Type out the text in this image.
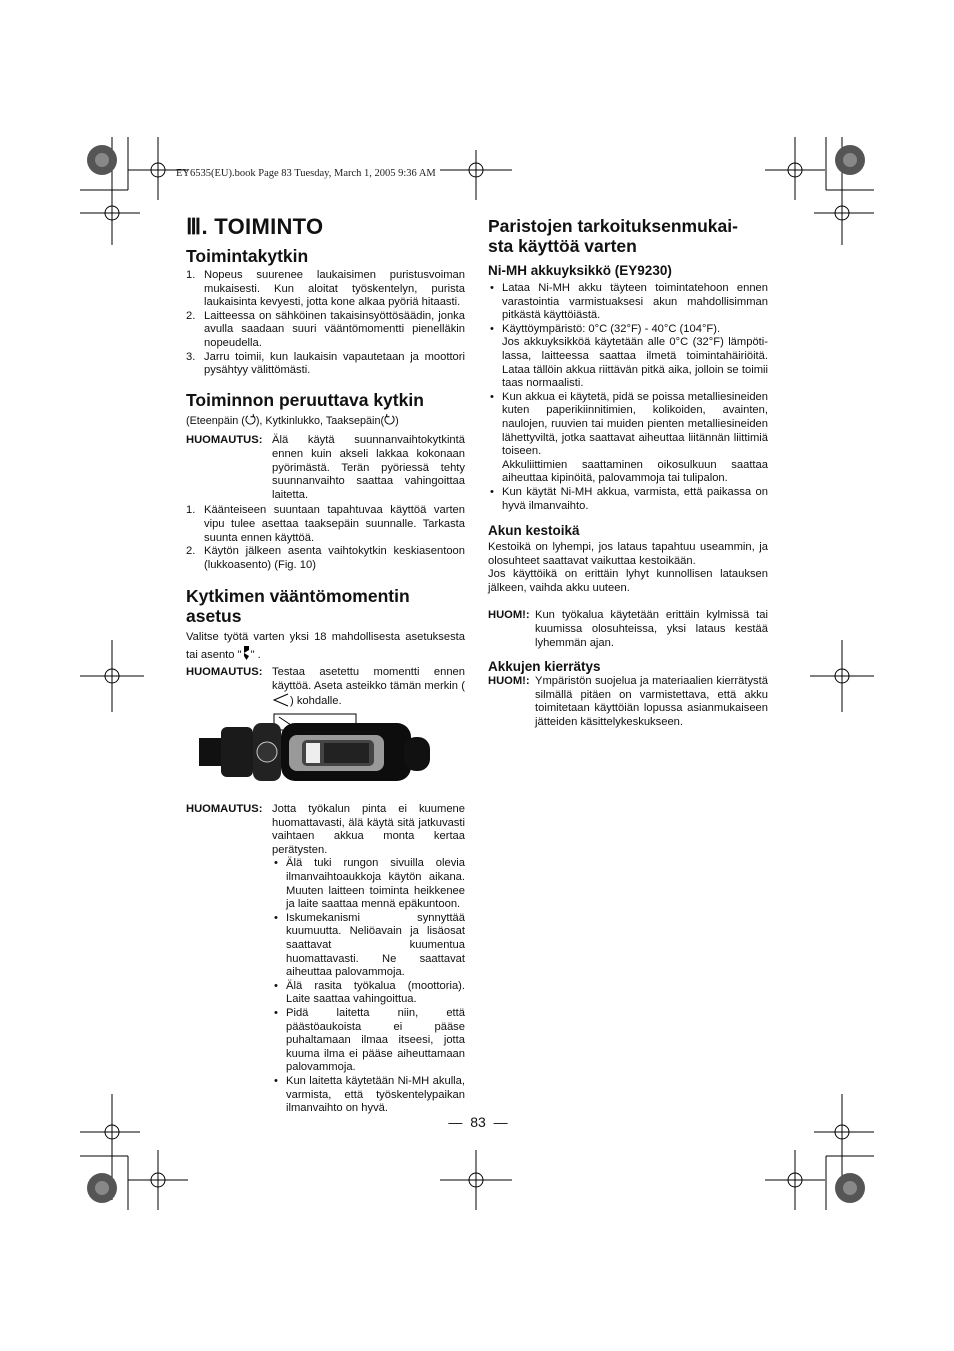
EY6535(EU).book Page 83 Tuesday, March 1, 2005 9:36 AM
Ⅲ. TOIMINTO
Toimintakytkin
1. Nopeus suurenee laukaisimen puristusvoiman mukaisesti. Kun aloitat työskentelyn, purista laukaisinta kevyesti, jotta kone alkaa pyöriä hitaasti.
2. Laitteessa on sähköinen takaisinsyöttösäädin, jonka avulla saadaan suuri vääntömomentti pienelläkin nopeudella.
3. Jarru toimii, kun laukaisin vapautetaan ja moottori pysähtyy välittömästi.
Toiminnon peruuttava kytkin

(Eteenpäin ( ), Kytkinlukko, Taaksepäin( )

HUOMAUTUS: Älä käytä suunnanvaihtokytkintä ennen kuin akseli lakkaa kokonaan pyörimästä. Terän pyöriessä tehty suunnanvaihto saattaa vahingoittaa laitetta.
1. Käänteiseen suuntaan tapahtuvaa käyttöä varten vipu tulee asettaa taaksepäin suunnalle. Tarkasta suunta ennen käyttöä.
2. Käytön jälkeen asenta vaihtokytkin keskiasentoon (lukkoasento) (Fig. 10)
Kytkimen vääntömomentin asetus

Valitse työtä varten yksi 18 mahdollisesta asetuksesta tai asento " " .

HUOMAUTUS: Testaa asetettu momentti ennen käyttöä. Aseta asteikko tämän merkin () kohdalle.
HUOMAUTUS: Jotta työkalun pinta ei kuumene huomattavasti, älä käytä sitä jatkuvasti vaihtaen akkua monta kertaa perätysten.
• Älä tuki rungon sivuilla olevia ilmanvaihtoaukkoja käytön aikana. Muuten laitteen toiminta heikkenee ja laite saattaa mennä epäkuntoon.
• Iskumekanismi synnyttää kuumuutta. Neliöavain ja lisäosat saattavat kuumentua huomattavasti. Ne saattavat aiheuttaa palovammoja.
• Älä rasita työkalua (moottoria). Laite saattaa vahingoittua.
• Pidä laitetta niin, että päästöaukoista ei pääse puhaltamaan ilmaa itseesi, jotta kuuma ilma ei pääse aiheuttamaan palovammoja.
• Kun laitetta käytetään Ni-MH akulla, varmista, että työskentelypaikan ilmanvaihto on hyvä.
Paristojen tarkoituksenmukai-
sta käyttöä varten
Ni-MH akkuyksikkö (EY9230)
• Lataa Ni-MH akku täyteen toimintatehoon ennen varastointia varmistuaksesi akun mahdollisimman pitkästä käyttöiästä.
• Käyttöympäristö: 0°C (32°F) - 40°C (104°F).
Jos akkuyksikköä käytetään alle 0°C (32°F) lämpöti-lassa, laitteessa saattaa ilmetä toimintahäiriöitä. Lataa tällöin akkua riittävän pitkä aika, jolloin se toimii taas normaalisti.
• Kun akkua ei käytetä, pidä se poissa metalliesineiden kuten paperikiinnitimien, kolikoiden, avainten, naulojen, ruuvien tai muiden pienten metalliesineiden lähettyviltä, jotka saattavat aiheuttaa liitännän liittimiä toiseen.
Akkuliittimien saattaminen oikosulkuun saattaa aiheuttaa kipinöitä, palovammoja tai tulipalon.
• Kun käytät Ni-MH akkua, varmista, että paikassa on hyvä ilmanvaihto.
Akun kestoikä

Kestoikä on lyhempi, jos lataus tapahtuu useammin, ja olosuhteet saattavat vaikuttaa kestoikään.

Jos käyttöikä on erittäin lyhyt kunnollisen latauksen jälkeen, vaihda akku uuteen.

HUOM!: Kun työkalua käytetään erittäin kylmissä tai kuumissa olosuhteissa, yksi lataus kestää lyhemmän ajan.
Akkujen kierrätys
HUOM!: Ympäristön suojelua ja materiaalien kierrätystä silmällä pitäen on varmistettava, että akku toimitetaan käyttöiän lopussa asianmukaiseen jätteiden käsittelykeskukseen.
— 83 —
